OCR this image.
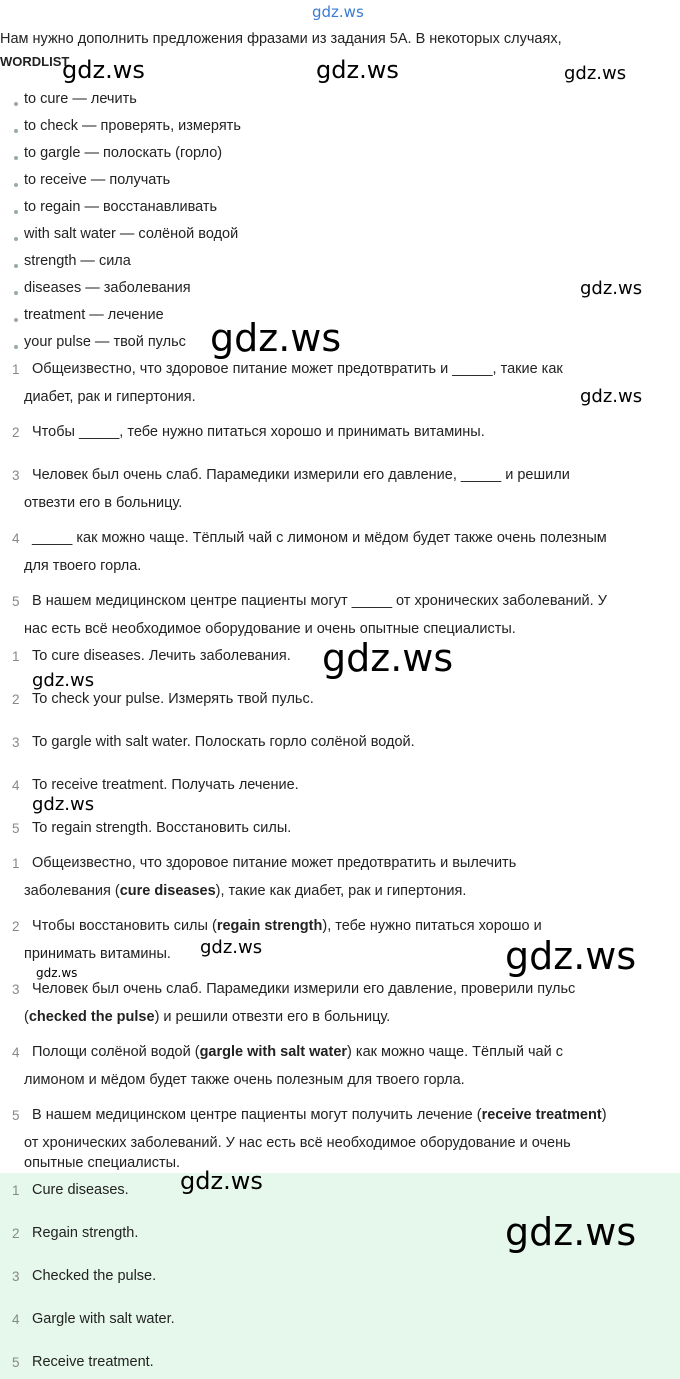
gdz.ws
Нам нужно дополнить предложения фразами из задания 5А. В некоторых случаях,
WORDLIST
to cure — лечить
to check — проверять, измерять
to gargle — полоскать (горло)
to receive — получать
to regain — восстанавливать
with salt water — солёной водой
strength — сила
diseases — заболевания
treatment — лечение
your pulse — твой пульс
1 Общеизвестно, что здоровое питание может предотвратить и _____, такие как
диабет, рак и гипертония.
2 Чтобы _____, тебе нужно питаться хорошо и принимать витамины.
3 Человек был очень слаб. Парамедики измерили его давление, _____ и решили
отвезти его в больницу.
4 _____ как можно чаще. Тёплый чай с лимоном и мёдом будет также очень полезным
для твоего горла.
5 В нашем медицинском центре пациенты могут _____ от хронических заболеваний. У
нас есть всё необходимое оборудование и очень опытные специалисты.
1 To cure diseases. Лечить заболевания.
2 To check your pulse. Измерять твой пульс.
3 To gargle with salt water. Полоскать горло солёной водой.
4 To receive treatment. Получать лечение.
5 To regain strength. Восстановить силы.
1 Общеизвестно, что здоровое питание может предотвратить и вылечить
заболевания (cure diseases), такие как диабет, рак и гипертония.
2 Чтобы восстановить силы (regain strength), тебе нужно питаться хорошо и
принимать витамины.
3 Человек был очень слаб. Парамедики измерили его давление, проверили пульс
(checked the pulse) и решили отвезти его в больницу.
4 Полощи солёной водой (gargle with salt water) как можно чаще. Тёплый чай с
лимоном и мёдом будет также очень полезным для твоего горла.
5 В нашем медицинском центре пациенты могут получить лечение (receive treatment)
от хронических заболеваний. У нас есть всё необходимое оборудование и очень
опытные специалисты.
1 Cure diseases.
2 Regain strength.
3 Checked the pulse.
4 Gargle with salt water.
5 Receive treatment.
gdz.ws	gdz.ws	gdz.ws
gdz.ws
gdz.ws
gdz.ws
gdz.ws
gdz.ws
gdz.ws
gdz.ws	gdz.ws
gdz.ws
gdz.ws
gdz.ws
